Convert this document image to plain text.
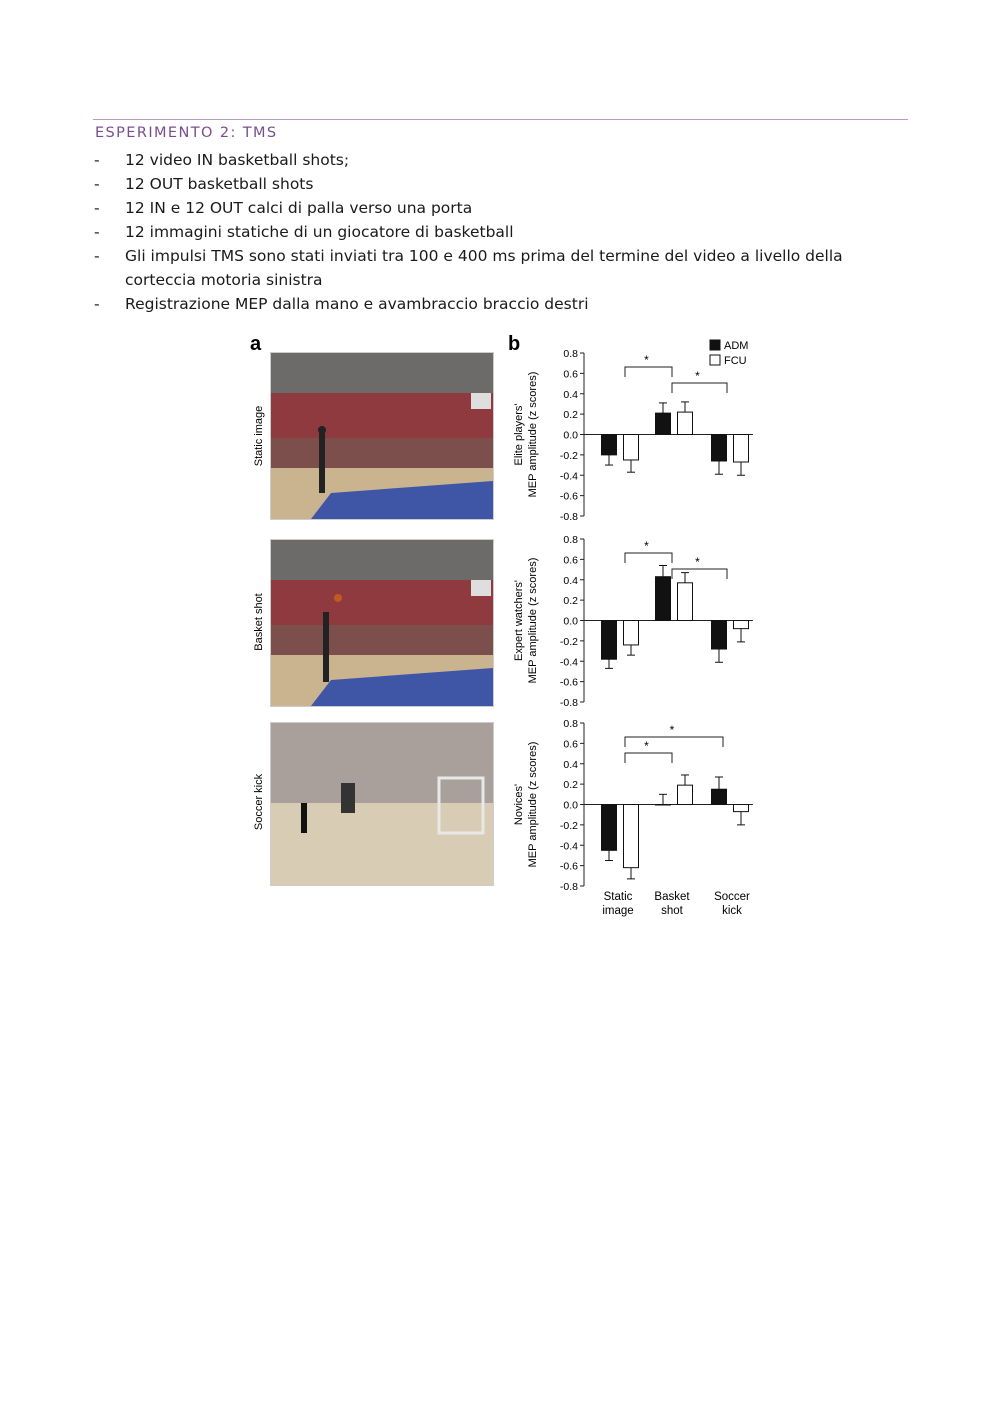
ESPERIMENTO 2: TMS
- 12 video IN basketball shots;
- 12 OUT basketball shots
- 12 IN e 12 OUT calci di palla verso una porta
- 12 immagini statiche di un giocatore di basketball
- Gli impulsi TMS sono stati inviati tra 100 e 400 ms prima del termine del video a livello della corteccia motoria sinistra
- Registrazione MEP dalla mano e avambraccio braccio destri
a	b
Static image
Basket shot
Soccer kick
ADM
FCU
0.8
0.6
0.4
0.2
0.0
-0.2
-0.4
-0.6
-0.8
Elite players' MEP amplitude (z scores)
*
*
0.8
0.6
0.4
0.2
0.0
-0.2
-0.4
-0.6
-0.8
Expert watchers' MEP amplitude (z scores)
*
*
0.8
0.6
0.4
0.2
0.0
-0.2
-0.4
-0.6
-0.8
Novices' MEP amplitude (z scores)	*
*
Static
image
Basket
shot
Soccer
kick
